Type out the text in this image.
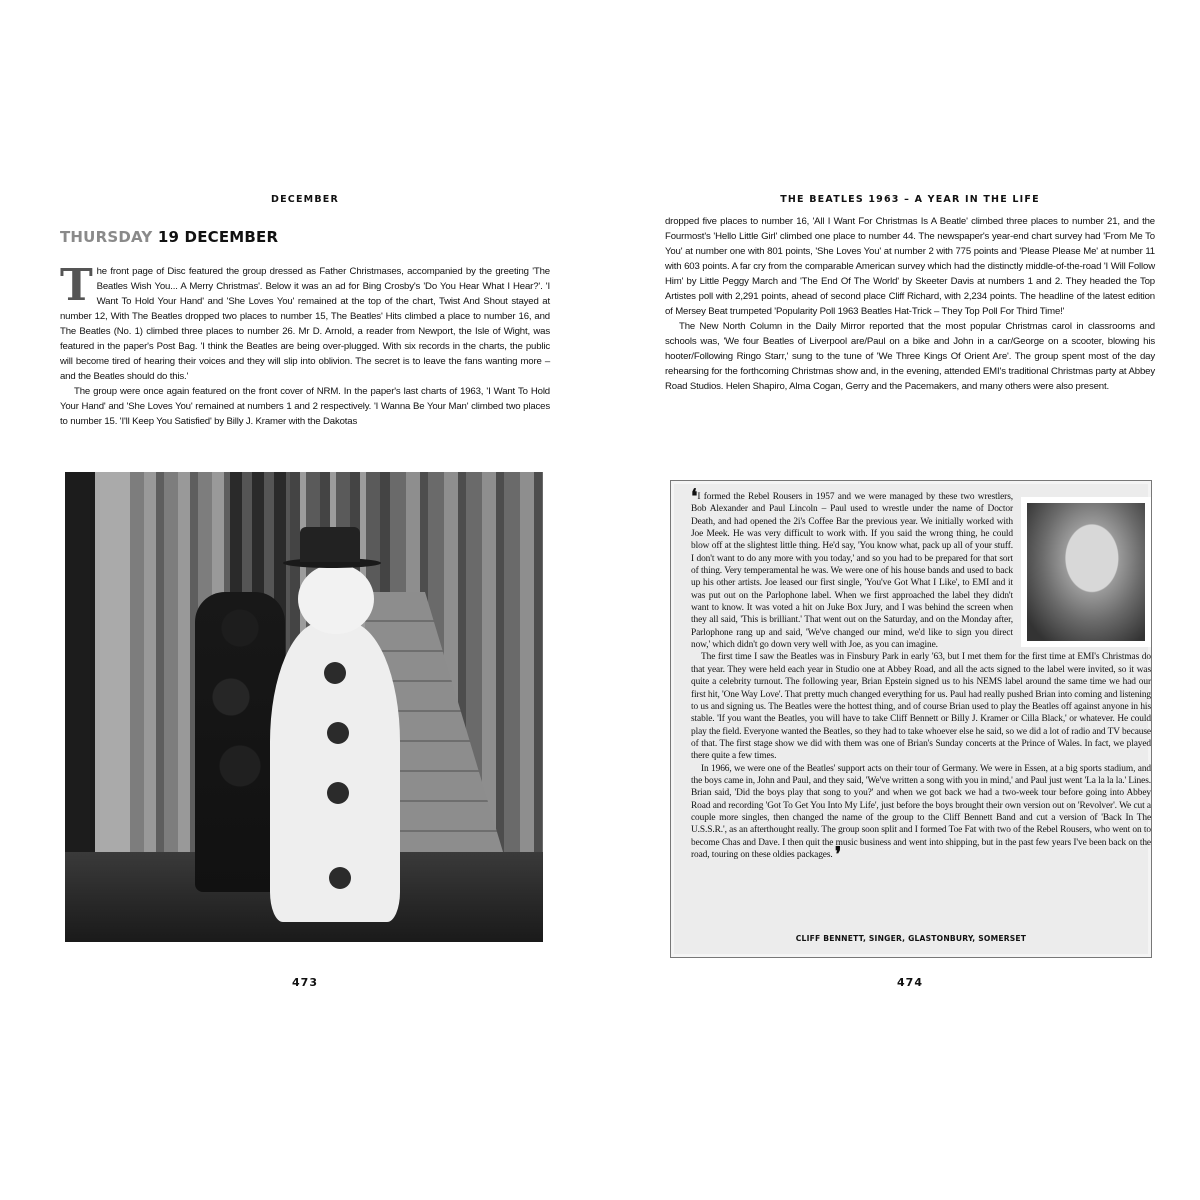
DECEMBER
THURSDAY 19 DECEMBER

The front page of Disc featured the group dressed as Father Christmases, accompanied by the greeting 'The Beatles Wish You... A Merry Christmas'. Below it was an ad for Bing Crosby's 'Do You Hear What I Hear?'. 'I Want To Hold Your Hand' and 'She Loves You' remained at the top of the chart, Twist And Shout stayed at number 12, With The Beatles dropped two places to number 15, The Beatles' Hits climbed a place to number 16, and The Beatles (No. 1) climbed three places to number 26. Mr D. Arnold, a reader from Newport, the Isle of Wight, was featured in the paper's Post Bag. 'I think the Beatles are being over-plugged. With six records in the charts, the public will become tired of hearing their voices and they will slip into oblivion. The secret is to leave the fans wanting more – and the Beatles should do this.'

The group were once again featured on the front cover of NRM. In the paper's last charts of 1963, 'I Want To Hold Your Hand' and 'She Loves You' remained at numbers 1 and 2 respectively. 'I Wanna Be Your Man' climbed two places to number 15. 'I'll Keep You Satisfied' by Billy J. Kramer with the Dakotas

473
THE BEATLES 1963 – A YEAR IN THE LIFE

dropped five places to number 16, 'All I Want For Christmas Is A Beatle' climbed three places to number 21, and the Fourmost's 'Hello Little Girl' climbed one place to number 44. The newspaper's year-end chart survey had 'From Me To You' at number one with 801 points, 'She Loves You' at number 2 with 775 points and 'Please Please Me' at number 11 with 603 points. A far cry from the comparable American survey which had the distinctly middle-of-the-road 'I Will Follow Him' by Little Peggy March and 'The End Of The World' by Skeeter Davis at numbers 1 and 2. They headed the Top Artistes poll with 2,291 points, ahead of second place Cliff Richard, with 2,234 points. The headline of the latest edition of Mersey Beat trumpeted 'Popularity Poll 1963 Beatles Hat-Trick – They Top Poll For Third Time!'

The New North Column in the Daily Mirror reported that the most popular Christmas carol in classrooms and schools was, 'We four Beatles of Liverpool are/Paul on a bike and John in a car/George on a scooter, blowing his hooter/Following Ringo Starr,' sung to the tune of 'We Three Kings Of Orient Are'. The group spent most of the day rehearsing for the forthcoming Christmas show and, in the evening, attended EMI's traditional Christmas party at Abbey Road Studios. Helen Shapiro, Alma Cogan, Gerry and the Pacemakers, and many others were also present.

❛I formed the Rebel Rousers in 1957 and we were managed by these two wrestlers, Bob Alexander and Paul Lincoln – Paul used to wrestle under the name of Doctor Death, and had opened the 2i's Coffee Bar the previous year. We initially worked with Joe Meek. He was very difficult to work with. If you said the wrong thing, he could blow off at the slightest little thing. He'd say, 'You know what, pack up all of your stuff. I don't want to do any more with you today,' and so you had to be prepared for that sort of thing. Very temperamental he was. We were one of his house bands and used to back up his other artists. Joe leased our first single, 'You've Got What I Like', to EMI and it was put out on the Parlophone label. When we first approached the label they didn't want to know. It was voted a hit on Juke Box Jury, and I was behind the screen when they all said, 'This is brilliant.' That went out on the Saturday, and on the Monday after, Parlophone rang up and said, 'We've changed our mind, we'd like to sign you direct now,' which didn't go down very well with Joe, as you can imagine.

The first time I saw the Beatles was in Finsbury Park in early '63, but I met them for the first time at EMI's Christmas do that year. They were held each year in Studio one at Abbey Road, and all the acts signed to the label were invited, so it was quite a celebrity turnout. The following year, Brian Epstein signed us to his NEMS label around the same time we had our first hit, 'One Way Love'. That pretty much changed everything for us. Paul had really pushed Brian into coming and listening to us and signing us. The Beatles were the hottest thing, and of course Brian used to play the Beatles off against anyone in his stable. 'If you want the Beatles, you will have to take Cliff Bennett or Billy J. Kramer or Cilla Black,' or whatever. He could play the field. Everyone wanted the Beatles, so they had to take whoever else he said, so we did a lot of radio and TV because of that. The first stage show we did with them was one of Brian's Sunday concerts at the Prince of Wales. In fact, we played there quite a few times.

In 1966, we were one of the Beatles' support acts on their tour of Germany. We were in Essen, at a big sports stadium, and the boys came in, John and Paul, and they said, 'We've written a song with you in mind,' and Paul just went 'La la la la.' Lines. Brian said, 'Did the boys play that song to you?' and when we got back we had a two-week tour before going into Abbey Road and recording 'Got To Get You Into My Life', just before the boys brought their own version out on 'Revolver'. We cut a couple more singles, then changed the name of the group to the Cliff Bennett Band and cut a version of 'Back In The U.S.S.R.', as an afterthought really. The group soon split and I formed Toe Fat with two of the Rebel Rousers, who went on to become Chas and Dave. I then quit the music business and went into shipping, but in the past few years I've been back on the road, touring on these oldies packages. ❜

CLIFF BENNETT, SINGER, GLASTONBURY, SOMERSET
474
